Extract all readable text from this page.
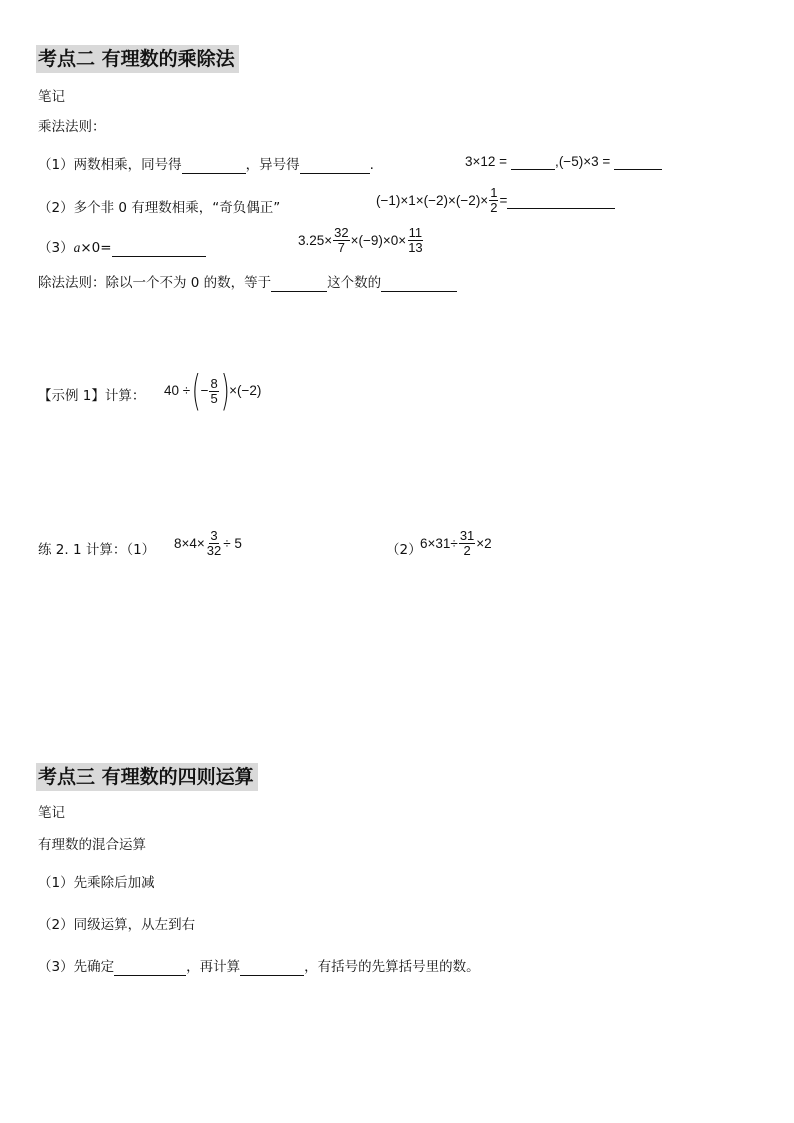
考点二 有理数的乘除法
笔记
乘法法则：
（1）两数相乘，同号得	，异号得	.	3×12 =	, (−5)×3 =
（2）多个非 0 有理数相乘，“奇负偶正”	$(-1)\times 1\times(-2)\times(-2)\times \frac{1}{2}$ =
（3）a×0=	$3.25\times \frac{32}{7} \times(-9)\times 0\times \frac{11}{13}$
除法法则：除以一个不为 0 的数，等于	这个数的
【示例 1】计算： 40 ÷ ( − $\frac{8}{5}$ ) ×(−2)
练 2. 1 计算：（1） $8\times 4\times \frac{3}{32} \div 5$	（2）
$6\times 31\div \frac{31}{2} \times 2$
考点三 有理数的四则运算
笔记
有理数的混合运算
（1）先乘除后加减
（2）同级运算，从左到右
（3）先确定	，再计算	，有括号的先算括号里的数。
